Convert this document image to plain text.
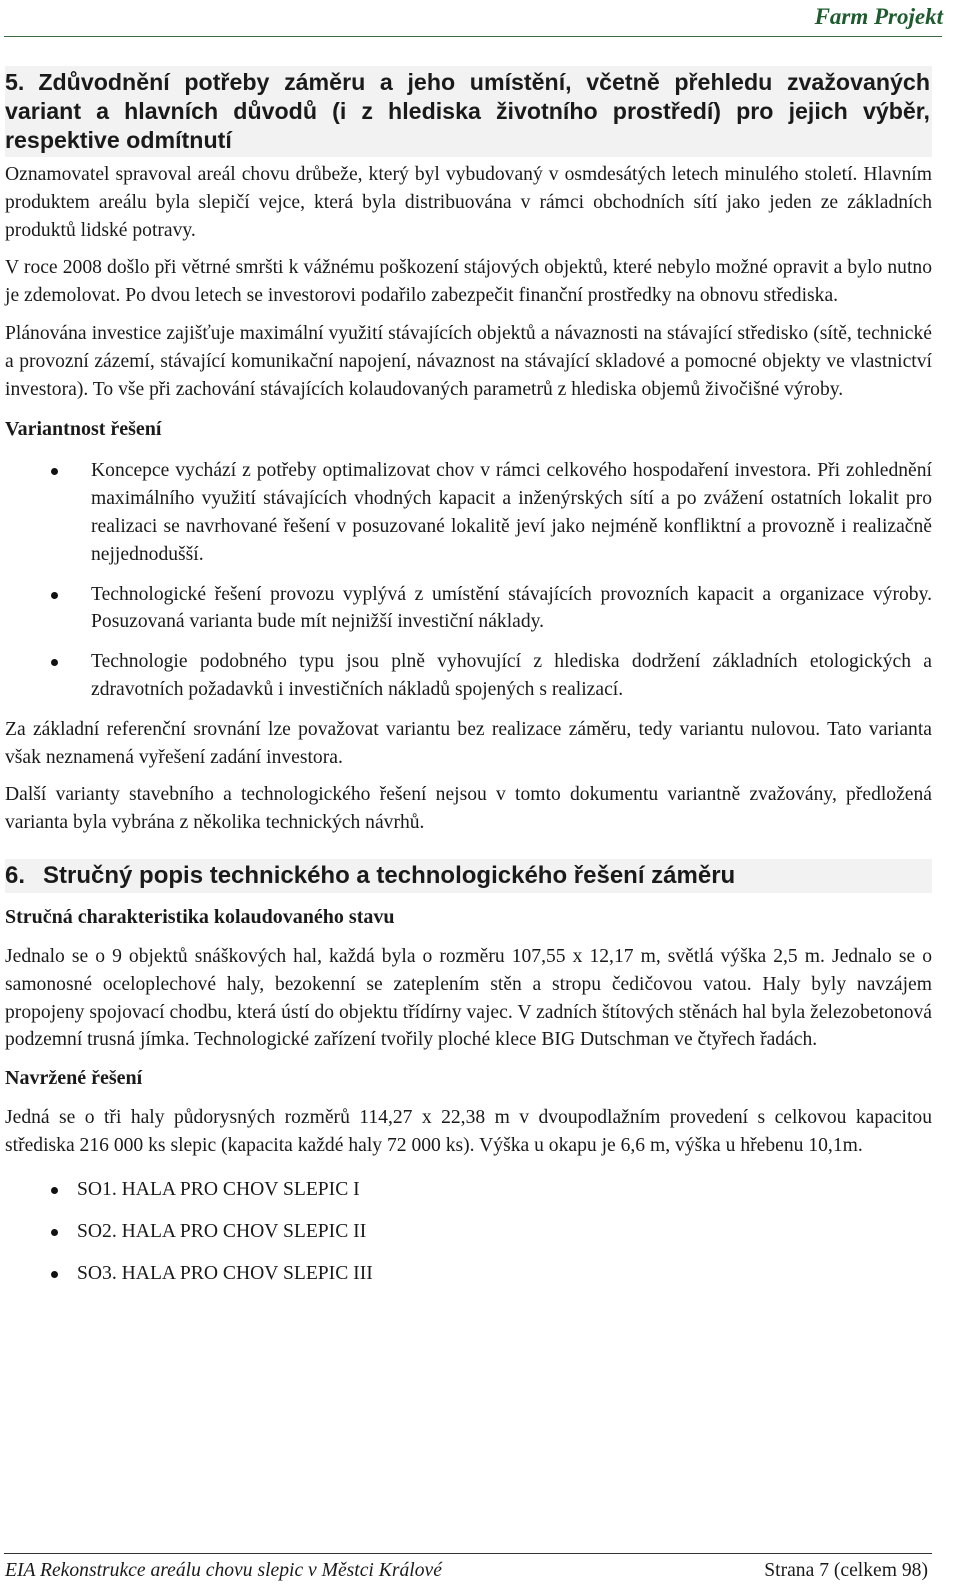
Farm Projekt
5. Zdůvodnění potřeby záměru a jeho umístění, včetně přehledu zvažovaných variant a hlavních důvodů (i z hlediska životního prostředí) pro jejich výběr, respektive odmítnutí

Oznamovatel spravoval areál chovu drůbeže, který byl vybudovaný v osmdesátých letech minulého století. Hlavním produktem areálu byla slepičí vejce, která byla distribuována v rámci obchodních sítí jako jeden ze základních produktů lidské potravy.

V roce 2008 došlo při větrné smršti k vážnému poškození stájových objektů, které nebylo možné opravit a bylo nutno je zdemolovat. Po dvou letech se investorovi podařilo zabezpečit finanční prostředky na obnovu střediska.

Plánována investice zajišťuje maximální využití stávajících objektů a návaznosti na stávající středisko (sítě, technické a provozní zázemí, stávající komunikační napojení, návaznost na stávající skladové a pomocné objekty ve vlastnictví investora). To vše při zachování stávajících kolaudovaných parametrů z hlediska objemů živočišné výroby.

Variantnost řešení
Koncepce vychází z potřeby optimalizovat chov v rámci celkového hospodaření investora. Při zohlednění maximálního využití stávajících vhodných kapacit a inženýrských sítí a po zvážení ostatních lokalit pro realizaci se navrhované řešení v posuzované lokalitě jeví jako nejméně konfliktní a provozně i realizačně nejjednodušší.
Technologické řešení provozu vyplývá z umístění stávajících provozních kapacit a organizace výroby. Posuzovaná varianta bude mít nejnižší investiční náklady.
Technologie podobného typu jsou plně vyhovující z hlediska dodržení základních etologických a zdravotních požadavků i investičních nákladů spojených s realizací.

Za základní referenční srovnání lze považovat variantu bez realizace záměru, tedy variantu nulovou. Tato varianta však neznamená vyřešení zadání investora.

Další varianty stavebního a technologického řešení nejsou v tomto dokumentu variantně zvažovány, předložená varianta byla vybrána z několika technických návrhů.

6. Stručný popis technického a technologického řešení záměru
Stručná charakteristika kolaudovaného stavu

Jednalo se o 9 objektů snáškových hal, každá byla o rozměru 107,55 x 12,17 m, světlá výška 2,5 m. Jednalo se o samonosné oceloplechové haly, bezokenní se zateplením stěn a stropu čedičovou vatou. Haly byly navzájem propojeny spojovací chodbu, která ústí do objektu třídírny vajec. V zadních štítových stěnách hal byla železobetonová podzemní trusná jímka. Technologické zařízení tvořily ploché klece BIG Dutschman ve čtyřech řadách.

Navržené řešení

Jedná se o tři haly půdorysných rozměrů 114,27 x 22,38 m v dvoupodlažním provedení s celkovou kapacitou střediska 216 000 ks slepic (kapacita každé haly 72 000 ks). Výška u okapu je 6,6 m, výška u hřebenu 10,1m.

SO1. HALA PRO CHOV SLEPIC I
SO2. HALA PRO CHOV SLEPIC II
SO3. HALA PRO CHOV SLEPIC III
EIA Rekonstrukce areálu chovu slepic v Městci Králové	Strana 7 (celkem 98)
